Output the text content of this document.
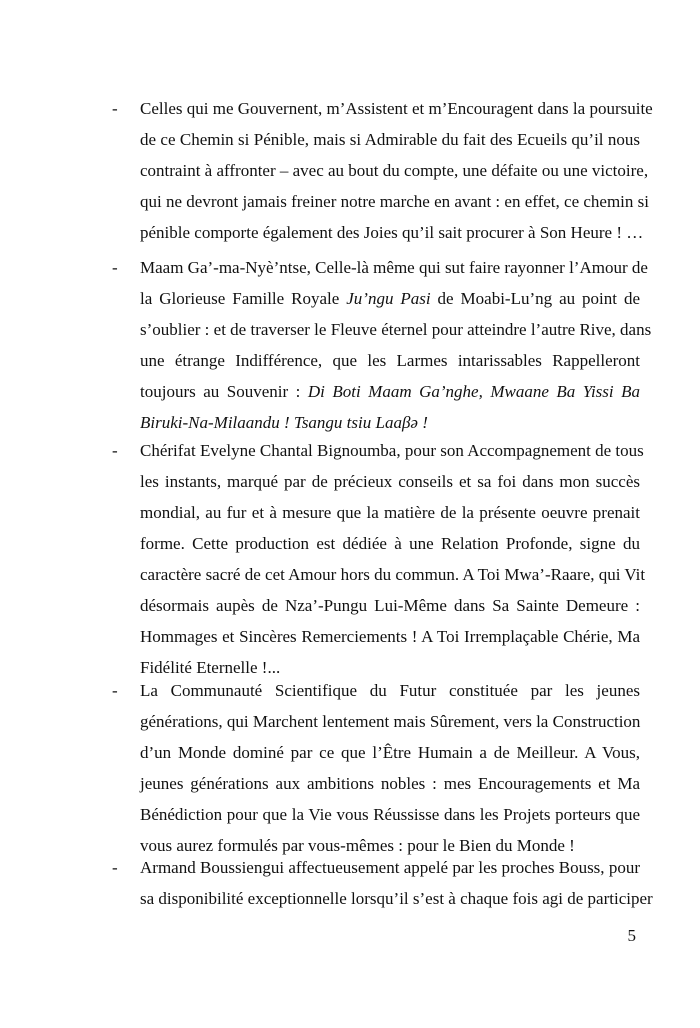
-	Celles qui me Gouvernent, m’Assistent et m’Encouragent dans la poursuite
de ce Chemin si Pénible, mais si Admirable du fait des Ecueils qu’il nous
contraint à affronter – avec au bout du compte, une défaite ou une victoire,
qui ne devront jamais freiner notre marche en avant : en effet, ce chemin si
pénible comporte également des Joies qu’il sait procurer à Son Heure ! …
-	Maam Ga’-ma-Nyè’ntse, Celle-là même qui sut faire rayonner l’Amour de
la Glorieuse Famille Royale Ju’ngu Pasi de Moabi-Lu’ng au point de
s’oublier : et de traverser le Fleuve éternel pour atteindre l’autre Rive, dans
une étrange Indifférence, que les Larmes intarissables Rappelleront
toujours au Souvenir : Di Boti Maam Ga’nghe, Mwaane Ba Yissi Ba
Biruki-Na-Milaandu ! Tsangu tsiu Laaβə !
-	Chérifat Evelyne Chantal Bignoumba, pour son Accompagnement de tous
les instants, marqué par de précieux conseils et sa foi dans mon succès
mondial, au fur et à mesure que la matière de la présente oeuvre prenait
forme. Cette production est dédiée à une Relation Profonde, signe du
caractère sacré de cet Amour hors du commun. A Toi Mwa’-Raare, qui Vit
désormais aupès de Nza’-Pungu Lui-Même dans Sa Sainte Demeure :
Hommages et Sincères Remerciements ! A Toi Irremplaçable Chérie, Ma
Fidélité Eternelle !...
-	La Communauté Scientifique du Futur constituée par les jeunes
générations, qui Marchent lentement mais Sûrement, vers la Construction
d’un Monde dominé par ce que l’Être Humain a de Meilleur. A Vous,
jeunes générations aux ambitions nobles : mes Encouragements et Ma
Bénédiction pour que la Vie vous Réussisse dans les Projets porteurs que
vous aurez formulés par vous-mêmes : pour le Bien du Monde !
-	Armand Boussiengui affectueusement appelé par les proches Bouss, pour
sa disponibilité exceptionnelle lorsqu’il s’est à chaque fois agi de participer
5
